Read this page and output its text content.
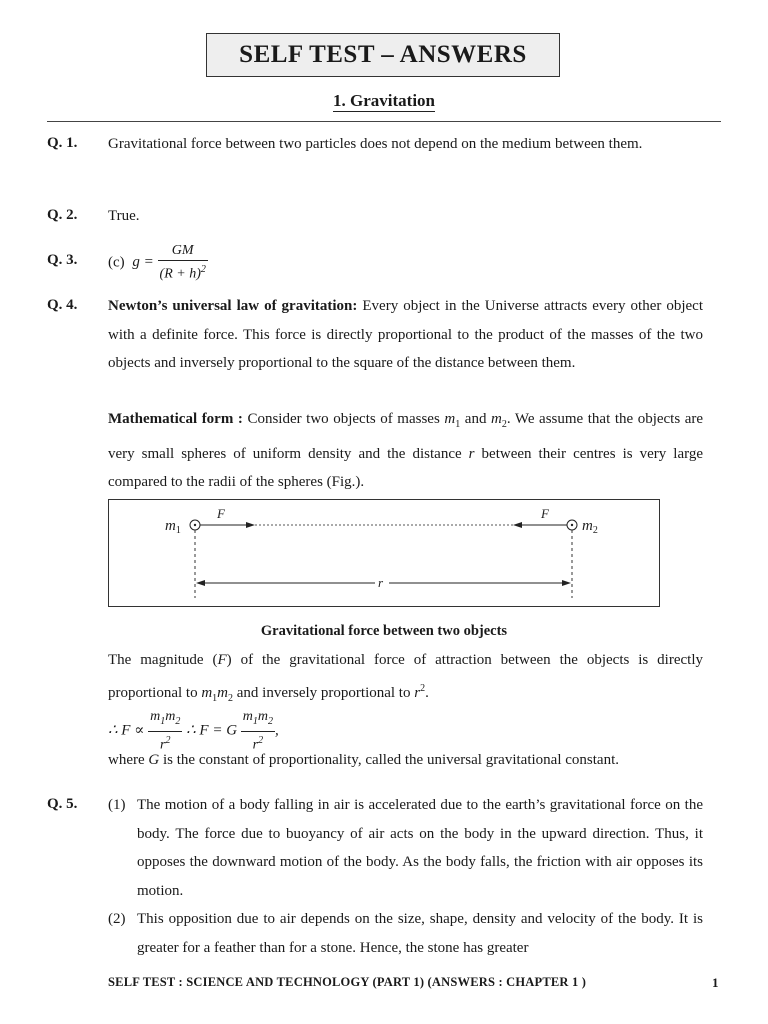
SELF TEST – ANSWERS
1. Gravitation
Q. 1. Gravitational force between two particles does not depend on the medium between them.
Q. 2. True.
Q. 3. (c) $g = \frac{GM}{(R + h)^2}$
Q. 4. Newton’s universal law of gravitation: Every object in the Universe attracts every other object with a definite force. This force is directly proportional to the product of the masses of the two objects and inversely proportional to the square of the distance between them.
Mathematical form : Consider two objects of masses $m_1$ and $m_2$. We assume that the objects are very small spheres of uniform density and the distance r between their centres is very large compared to the radii of the spheres (Fig.).
$m_1$	$m_2$
F	F
r
Gravitational force between two objects
The magnitude (F) of the gravitational force of attraction between the objects is directly proportional to $m_1m_2$ and inversely proportional to $r^2$.
∴ $F \propto \frac{m_1m_2}{r^2}$ ∴ F = G $\frac{m_1m_2}{r^2}$ ,
where G is the constant of proportionality, called the universal gravitational constant.
Q. 5. (1) The motion of a body falling in air is accelerated due to the earth’s gravitational force on the body. The force due to buoyancy of air acts on the body in the upward direction. Thus, it opposes the downward motion of the body. As the body falls, the friction with air opposes its motion.
(2) This opposition due to air depends on the size, shape, density and velocity of the body. It is greater for a feather than for a stone. Hence, the stone has greater
SELF TEST : SCIENCE AND TECHNOLOGY (PART 1) (ANSWERS : CHAPTER 1 )	1
